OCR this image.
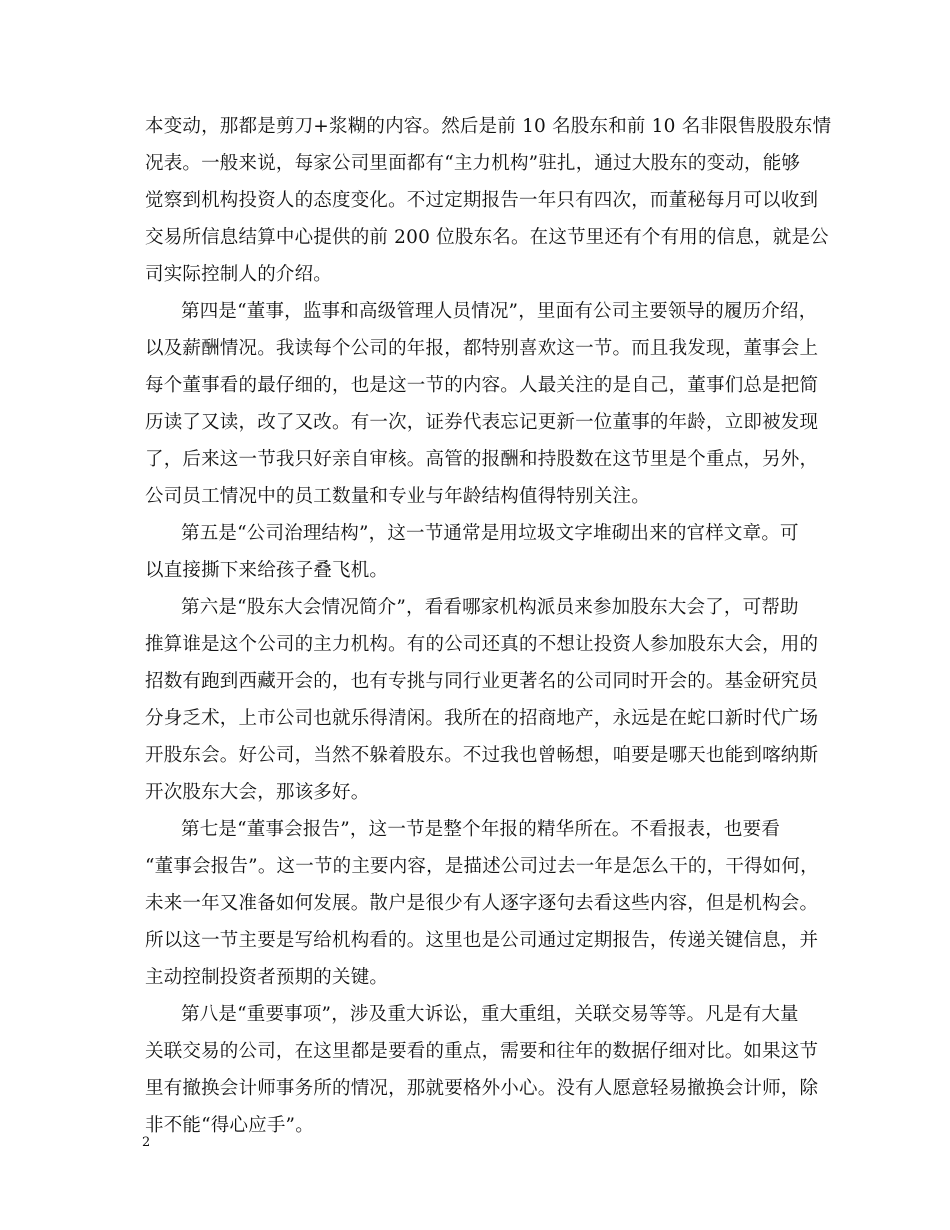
本变动，那都是剪刀+浆糊的内容。然后是前 10 名股东和前 10 名非限售股股东情
况表。一般来说，每家公司里面都有“主力机构”驻扎，通过大股东的变动，能够
觉察到机构投资人的态度变化。不过定期报告一年只有四次，而董秘每月可以收到
交易所信息结算中心提供的前 200 位股东名。在这节里还有个有用的信息，就是公
司实际控制人的介绍。
第四是“董事，监事和高级管理人员情况”，里面有公司主要领导的履历介绍，
以及薪酬情况。我读每个公司的年报，都特别喜欢这一节。而且我发现，董事会上
每个董事看的最仔细的，也是这一节的内容。人最关注的是自己，董事们总是把简
历读了又读，改了又改。有一次，证券代表忘记更新一位董事的年龄，立即被发现
了，后来这一节我只好亲自审核。高管的报酬和持股数在这节里是个重点，另外，
公司员工情况中的员工数量和专业与年龄结构值得特别关注。
第五是“公司治理结构”，这一节通常是用垃圾文字堆砌出来的官样文章。可
以直接撕下来给孩子叠飞机。
第六是“股东大会情况简介”，看看哪家机构派员来参加股东大会了，可帮助
推算谁是这个公司的主力机构。有的公司还真的不想让投资人参加股东大会，用的
招数有跑到西藏开会的，也有专挑与同行业更著名的公司同时开会的。基金研究员
分身乏术，上市公司也就乐得清闲。我所在的招商地产，永远是在蛇口新时代广场
开股东会。好公司，当然不躲着股东。不过我也曾畅想，咱要是哪天也能到喀纳斯
开次股东大会，那该多好。
第七是“董事会报告”，这一节是整个年报的精华所在。不看报表，也要看
“董事会报告”。这一节的主要内容，是描述公司过去一年是怎么干的，干得如何，
未来一年又准备如何发展。散户是很少有人逐字逐句去看这些内容，但是机构会。
所以这一节主要是写给机构看的。这里也是公司通过定期报告，传递关键信息，并
主动控制投资者预期的关键。
第八是“重要事项”，涉及重大诉讼，重大重组，关联交易等等。凡是有大量
关联交易的公司，在这里都是要看的重点，需要和往年的数据仔细对比。如果这节
里有撤换会计师事务所的情况，那就要格外小心。没有人愿意轻易撤换会计师，除
非不能“得心应手”。
2
